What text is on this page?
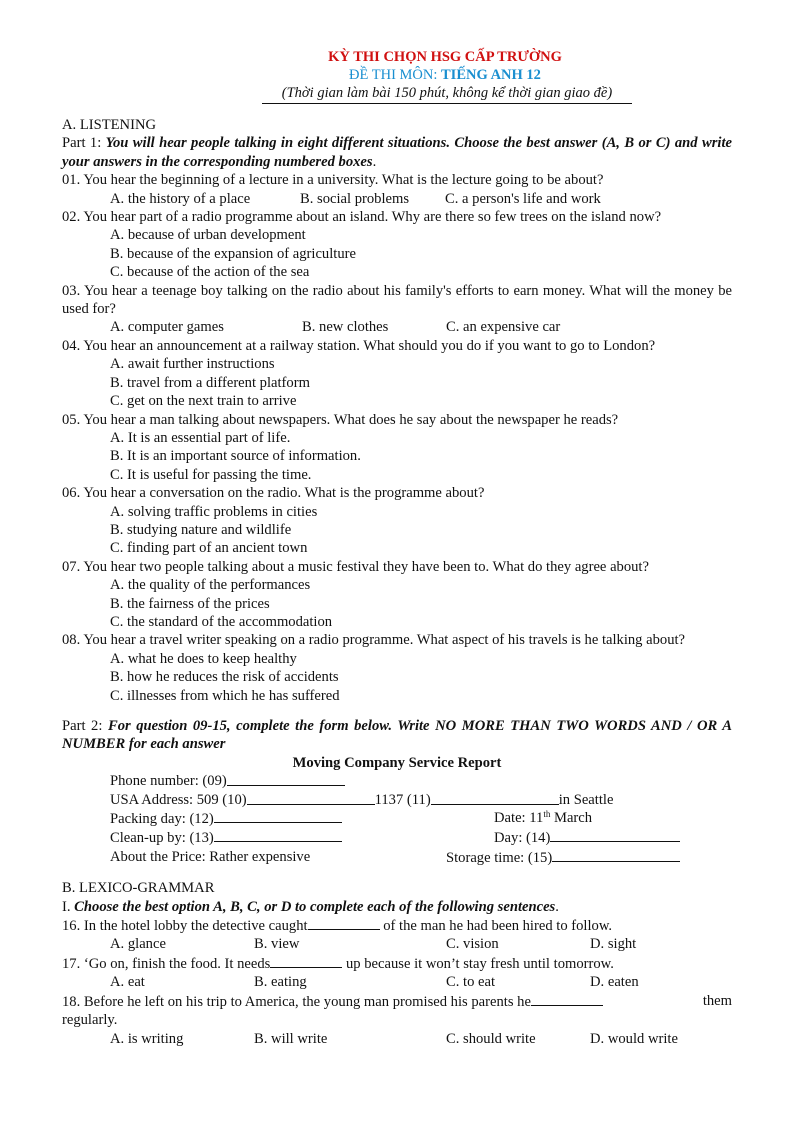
KỲ THI CHỌN HSG CẤP TRƯỜNG
ĐỀ THI MÔN: TIẾNG ANH 12
(Thời gian làm bài 150 phút, không kể thời gian giao đề)
A. LISTENING
Part 1: You will hear people talking in eight different situations. Choose the best answer (A, B or C) and write your answers in the corresponding numbered boxes.
01. You hear the beginning of a lecture in a university. What is the lecture going to be about?
A. the history of a place	B. social problems	C. a person's life and work
02. You hear part of a radio programme about an island. Why are there so few trees on the island now?
A. because of urban development
B. because of the expansion of agriculture
C. because of the action of the sea
03. You hear a teenage boy talking on the radio about his family's efforts to earn money. What will the money be used for?
A. computer games	B. new clothes	C. an expensive car
04. You hear an announcement at a railway station. What should you do if you want to go to London?
A. await further instructions
B. travel from a different platform
C. get on the next train to arrive
05. You hear a man talking about newspapers. What does he say about the newspaper he reads?
A. It is an essential part of life.
B. It is an important source of information.
C. It is useful for passing the time.
06. You hear a conversation on the radio. What is the programme about?
A. solving traffic problems in cities
B. studying nature and wildlife
C. finding part of an ancient town
07. You hear two people talking about a music festival they have been to. What do they agree about?
A. the quality of the performances
B. the fairness of the prices
C. the standard of the accommodation
08. You hear a travel writer speaking on a radio programme. What aspect of his travels is he talking about?
A. what he does to keep healthy
B. how he reduces the risk of accidents
C. illnesses from which he has suffered
Part 2: For question 09-15, complete the form below. Write NO MORE THAN TWO WORDS AND / OR A NUMBER for each answer
Moving Company Service Report
Phone number: (09)
USA Address: 509 (10)	1137 (11)	in Seattle
Packing day: (12)	Date: 11th March
Clean-up by: (13)	Day: (14)
About the Price: Rather expensive	Storage time: (15)
B. LEXICO-GRAMMAR
I. Choose the best option A, B, C, or D to complete each of the following sentences.
16. In the hotel lobby the detective caught	of the man he had been hired to follow.
A. glance	B. view	C. vision	D. sight
17. ‘Go on, finish the food. It needs	up because it won’t stay fresh until tomorrow.
A. eat	B. eating	C. to eat	D. eaten
18. Before he left on his trip to America, the young man promised his parents he	them
regularly.
A. is writing	B. will write	C. should write	D. would write
